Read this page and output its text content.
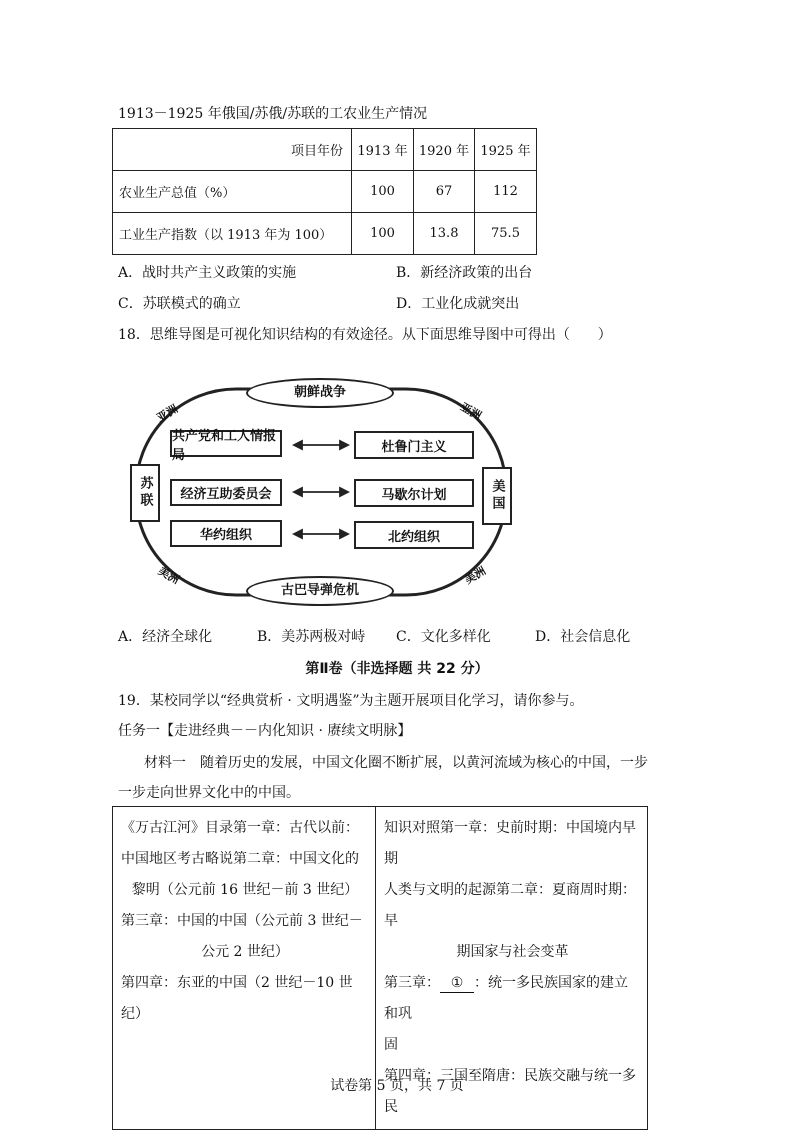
1913－1925 年俄国/苏俄/苏联的工农业生产情况
项目年份	1913 年	1920 年	1925 年
农业生产总值（%）	100	67	112
工业生产指数（以 1913 年为 100）	100	13.8	75.5
A．战时共产主义政策的实施	B．新经济政策的出台
C．苏联模式的确立	D．工业化成就突出
18．思维导图是可视化知识结构的有效途径。从下面思维导图中可得出（　　）
朝鲜战争
古巴导弹危机
苏联	美国
亚洲	亚洲
美洲	美洲
共产党和工人情报局
杜鲁门主义
经济互助委员会	马歇尔计划
华约组织	北约组织
A．经济全球化	B．美苏两极对峙 C．文化多样化	D．社会信息化
第Ⅱ卷（非选择题 共 22 分）
19．某校同学以“经典赏析 · 文明遇鉴”为主题开展项目化学习，请你参与。
任务一【走进经典－－内化知识 · 赓续文明脉】
材料一　随着历史的发展，中国文化圈不断扩展，以黄河流域为核心的中国，一步
一步走向世界文化中的中国。
《万古江河》目录第一章：古代以前：
中国地区考古略说第二章：中国文化的
黎明（公元前 16 世纪－前 3 世纪）
第三章：中国的中国（公元前 3 世纪－
公元 2 世纪）
第四章：东亚的中国（2 世纪－10 世纪）

知识对照第一章：史前时期：中国境内早期
人类与文明的起源第二章：夏商周时期：早
期国家与社会变革
第三章： ① ：统一多民族国家的建立和巩
固
第四章：三国至隋唐：民族交融与统一多民
试卷第 5 页，共 7 页
